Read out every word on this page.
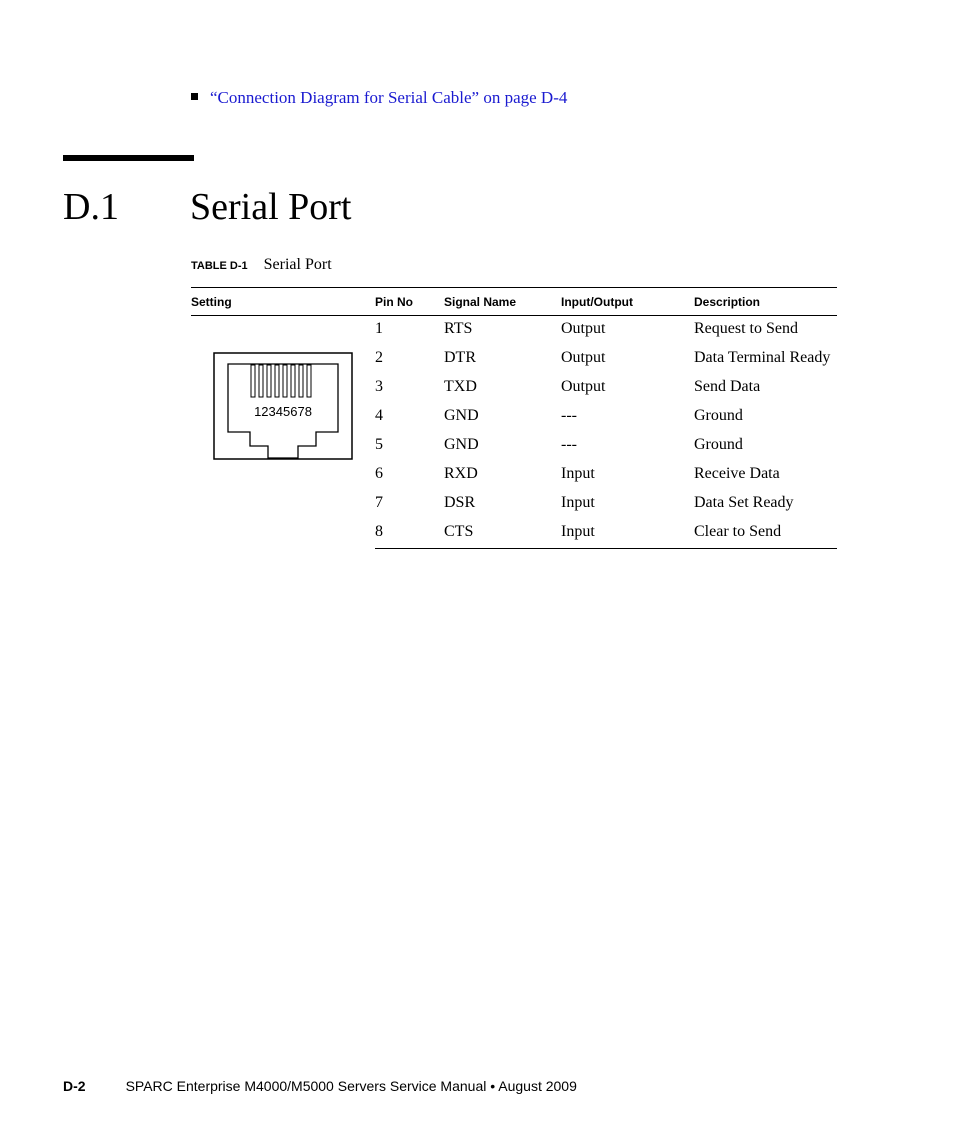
“Connection Diagram for Serial Cable” on page D-4
D.1 Serial Port
TABLE D-1 Serial Port
Setting	Pin No	Signal Name	Input/Output	Description

12345678	1	RTS	Output	Request to Send
	2	DTR	Output	Data Terminal Ready
	3	TXD	Output	Send Data
	4	GND	---	Ground
	5	GND	---	Ground
	6	RXD	Input	Receive Data
	7	DSR	Input	Data Set Ready
	8	CTS	Input	Clear to Send
D-2	SPARC Enterprise M4000/M5000 Servers Service Manual • August 2009
